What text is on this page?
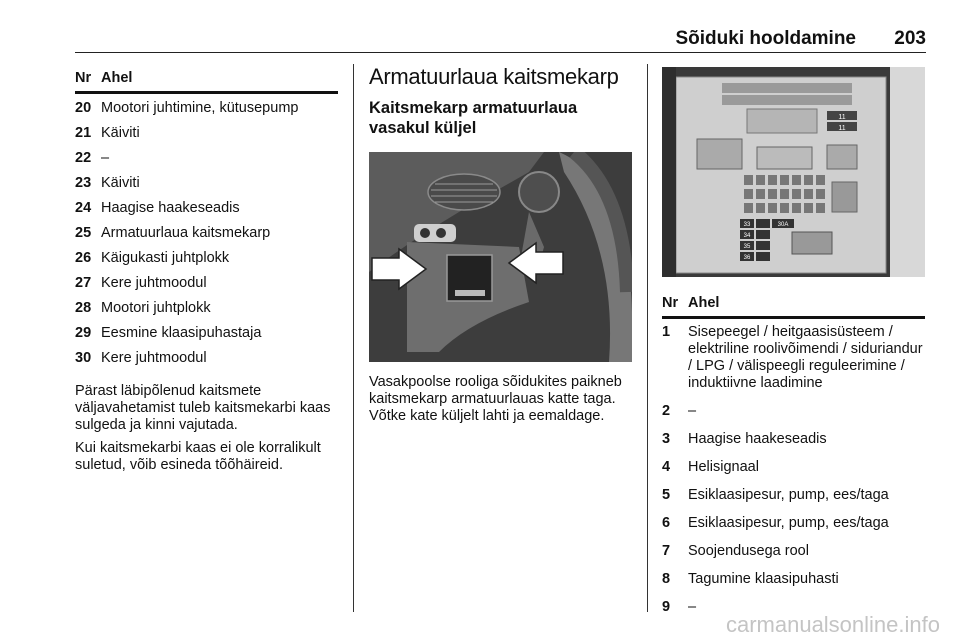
Sõiduki hooldamine 203
Nr Ahel
20 Mootori juhtimine, kütusepump
21 Käiviti
22 –
23 Käiviti
24 Haagise haakeseadis
25 Armatuurlaua kaitsmekarp
26 Käigukasti juhtplokk
27 Kere juhtmoodul
28 Mootori juhtplokk
29 Eesmine klaasipuhastaja
30 Kere juhtmoodul

Pärast läbipõlenud kaitsmete väljavahetamist tuleb kaitsmekarbi kaas sulgeda ja kinni vajutada.

Kui kaitsmekarbi kaas ei ole korralikult suletud, võib esineda tõõhäireid.

Armatuurlaua kaitsmekarp
Kaitsmekarp armatuurlaua vasakul küljel

Vasakpoolse rooliga sõidukites paikneb kaitsmekarp armatuurlauas katte taga. Võtke kate küljelt lahti ja eemaldage.

11
11
33
34
35
36
30A
Nr Ahel
1 Sisepeegel / heitgaasisüsteem / elektriline roolivõimendi / siduriandur / LPG / välispeegli reguleerimine / induktiivne laadimine
2 –
3 Haagise haakeseadis
4 Helisignaal
5 Esiklaasipesur, pump, ees/taga
6 Esiklaasipesur, pump, ees/taga
7 Soojendusega rool
8 Tagumine klaasipuhasti
9 –
carmanualsonline.info
